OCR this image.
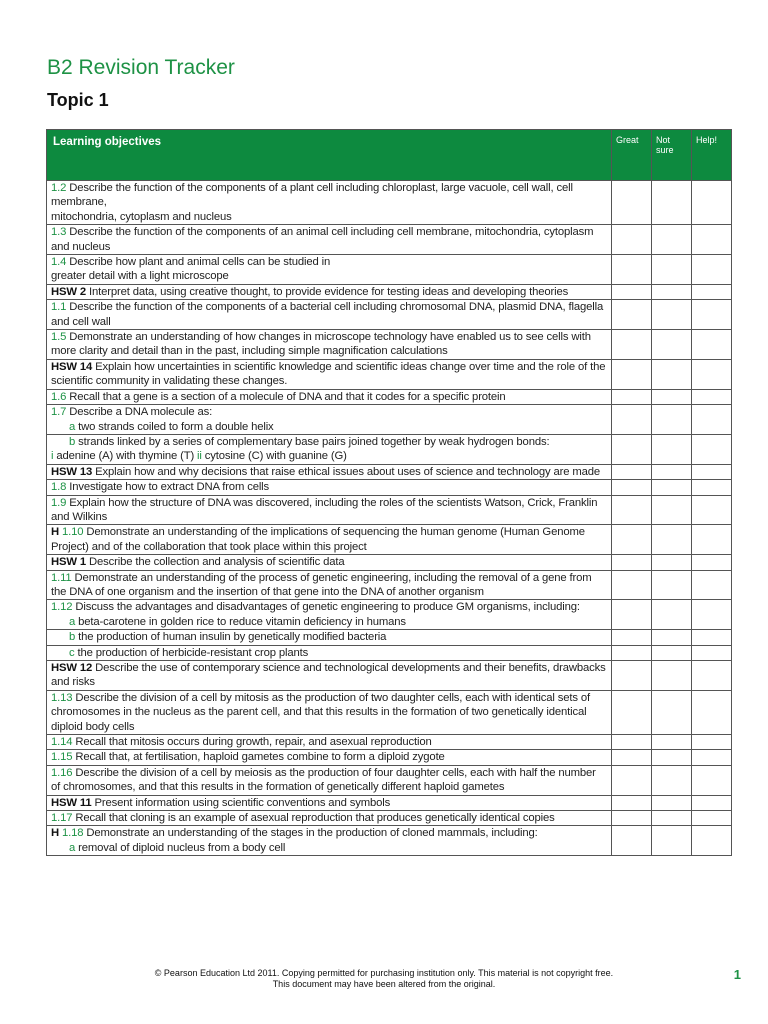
B2 Revision Tracker
Topic 1
Learning objectives	Great	Not sure	Help!

1.2 Describe the function of the components of a plant cell including chloroplast, large vacuole, cell wall, cell membrane,
mitochondria, cytoplasm and nucleus			

1.3 Describe the function of the components of an animal cell including cell membrane, mitochondria, cytoplasm and nucleus			

1.4 Describe how plant and animal cells can be studied in
greater detail with a light microscope			

HSW 2 Interpret data, using creative thought, to provide evidence for testing ideas and developing theories			

1.1 Describe the function of the components of a bacterial cell including chromosomal DNA, plasmid DNA, flagella and cell wall			

1.5 Demonstrate an understanding of how changes in microscope technology have enabled us to see cells with more clarity and detail than in the past, including simple magnification calculations			

HSW 14 Explain how uncertainties in scientific knowledge and scientific ideas change over time and the role of the scientific community in validating these changes.			

1.6 Recall that a gene is a section of a molecule of DNA and that it codes for a specific protein			

1.7 Describe a DNA molecule as:
a two strands coiled to form a double helix			

b strands linked by a series of complementary base pairs joined together by weak hydrogen bonds:
i adenine (A) with thymine (T) ii cytosine (C) with guanine (G)			

HSW 13 Explain how and why decisions that raise ethical issues about uses of science and technology are made			

1.8 Investigate how to extract DNA from cells			

1.9 Explain how the structure of DNA was discovered, including the roles of the scientists Watson, Crick, Franklin and Wilkins			

H 1.10 Demonstrate an understanding of the implications of sequencing the human genome (Human Genome Project) and of the collaboration that took place within this project			

HSW 1 Describe the collection and analysis of scientific data			

1.11 Demonstrate an understanding of the process of genetic engineering, including the removal of a gene from the DNA of one organism and the insertion of that gene into the DNA of another organism			

1.12 Discuss the advantages and disadvantages of genetic engineering to produce GM organisms, including:
a beta-carotene in golden rice to reduce vitamin deficiency in humans			

b the production of human insulin by genetically modified bacteria			

c the production of herbicide-resistant crop plants			

HSW 12 Describe the use of contemporary science and technological developments and their benefits, drawbacks and risks			

1.13 Describe the division of a cell by mitosis as the production of two daughter cells, each with identical sets of chromosomes in the nucleus as the parent cell, and that this results in the formation of two genetically identical diploid body cells			

1.14 Recall that mitosis occurs during growth, repair, and asexual reproduction			

1.15 Recall that, at fertilisation, haploid gametes combine to form a diploid zygote			

1.16 Describe the division of a cell by meiosis as the production of four daughter cells, each with half the number of chromosomes, and that this results in the formation of genetically different haploid gametes			

HSW 11 Present information using scientific conventions and symbols			

1.17 Recall that cloning is an example of asexual reproduction that produces genetically identical copies			

H 1.18 Demonstrate an understanding of the stages in the production of cloned mammals, including:
a removal of diploid nucleus from a body cell			

1
© Pearson Education Ltd 2011. Copying permitted for purchasing institution only. This material is not copyright free.
This document may have been altered from the original.
